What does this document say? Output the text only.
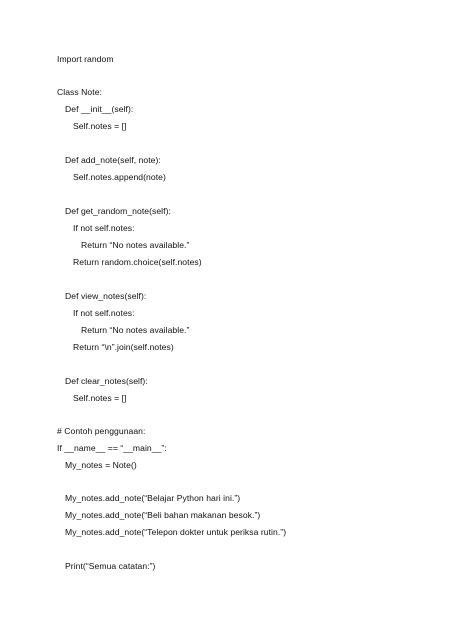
Import random
Class Note:
Def __init__(self):
Self.notes = []
Def add_note(self, note):
Self.notes.append(note)
Def get_random_note(self):
If not self.notes:
Return “No notes available.”
Return random.choice(self.notes)
Def view_notes(self):
If not self.notes:
Return “No notes available.”
Return “\n”.join(self.notes)
Def clear_notes(self):
Self.notes = []
# Contoh penggunaan:
If __name__ == “__main__”:
My_notes = Note()
My_notes.add_note(“Belajar Python hari ini.”)
My_notes.add_note(“Beli bahan makanan besok.”)
My_notes.add_note(“Telepon dokter untuk periksa rutin.”)
Print(“Semua catatan:”)
